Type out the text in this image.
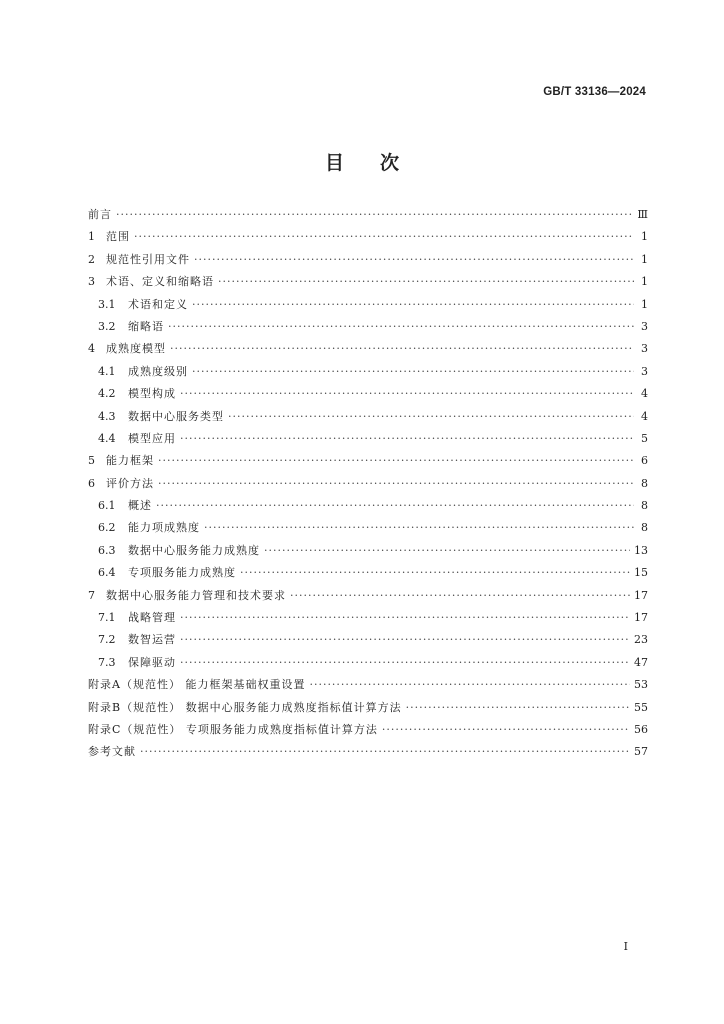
GB/T 33136—2024
目次
前言 ·····	Ⅲ
1 范围 ·····	1
2 规范性引用文件 ·····	1
3 术语、定义和缩略语 ·····	1
3.1 术语和定义 ·····	1
3.2 缩略语 ·····	3
4 成熟度模型 ·····	3
4.1 成熟度级别 ·····	3
4.2 模型构成 ·····	4
4.3 数据中心服务类型 ·····	4
4.4 模型应用 ·····	5
5 能力框架 ·····	6
6 评价方法 ·····	8
6.1 概述 ·····	8
6.2 能力项成熟度 ·····	8
6.3 数据中心服务能力成熟度 ·····	13
6.4 专项服务能力成熟度 ·····	15
7 数据中心服务能力管理和技术要求 ·····	17
7.1 战略管理 ·····	17
7.2 数智运营 ·····	23
7.3 保障驱动 ·····	47
附录A（规范性） 能力框架基础权重设置 ·····	53
附录B（规范性） 数据中心服务能力成熟度指标值计算方法 ·····	55
附录C（规范性） 专项服务能力成熟度指标值计算方法 ·····	56
参考文献 ·····	57
I
